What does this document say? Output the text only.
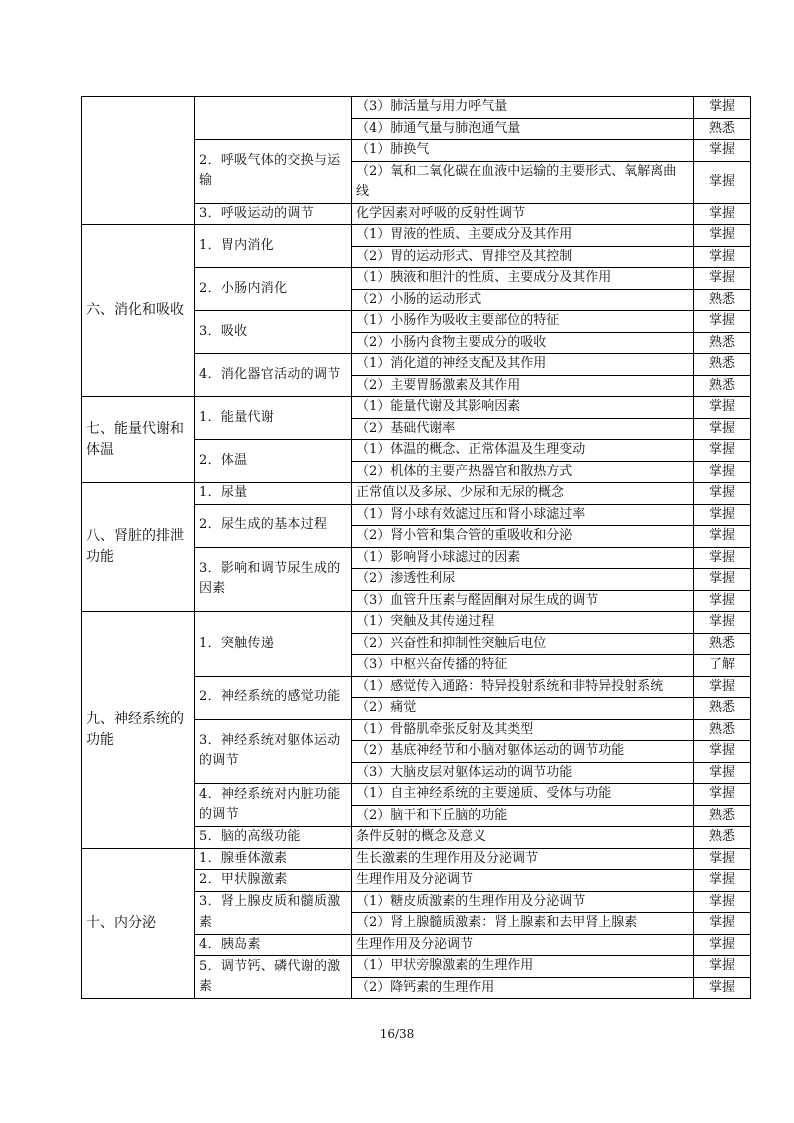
		（3）肺活量与用力呼气量	掌握
		（4）肺通气量与肺泡通气量	熟悉
	2．呼吸气体的交换与运输	（1）肺换气	掌握
		（2）氧和二氧化碳在血液中运输的主要形式、氧解离曲线	掌握
	3．呼吸运动的调节	化学因素对呼吸的反射性调节	掌握
六、消化和吸收	1．胃内消化	（1）胃液的性质、主要成分及其作用	掌握
		（2）胃的运动形式、胃排空及其控制	掌握
	2．小肠内消化	（1）胰液和胆汁的性质、主要成分及其作用	掌握
		（2）小肠的运动形式	熟悉
	3．吸收	（1）小肠作为吸收主要部位的特征	掌握
		（2）小肠内食物主要成分的吸收	熟悉
	4．消化器官活动的调节	（1）消化道的神经支配及其作用	熟悉
		（2）主要胃肠激素及其作用	熟悉
七、能量代谢和体温	1．能量代谢	（1）能量代谢及其影响因素	掌握
		（2）基础代谢率	掌握
	2．体温	（1）体温的概念、正常体温及生理变动	掌握
		（2）机体的主要产热器官和散热方式	掌握
八、肾脏的排泄功能	1．尿量	正常值以及多尿、少尿和无尿的概念	掌握
	2．尿生成的基本过程	（1）肾小球有效滤过压和肾小球滤过率	掌握
		（2）肾小管和集合管的重吸收和分泌	掌握
	3．影响和调节尿生成的因素	（1）影响肾小球滤过的因素	掌握
		（2）渗透性利尿	掌握
		（3）血管升压素与醛固酮对尿生成的调节	掌握
九、神经系统的功能	1．突触传递	（1）突触及其传递过程	掌握
		（2）兴奋性和抑制性突触后电位	熟悉
		（3）中枢兴奋传播的特征	了解
	2．神经系统的感觉功能	（1）感觉传入通路：特异投射系统和非特异投射系统	掌握
		（2）痛觉	熟悉
	3．神经系统对躯体运动的调节	（1）骨骼肌牵张反射及其类型	熟悉
		（2）基底神经节和小脑对躯体运动的调节功能	掌握
		（3）大脑皮层对躯体运动的调节功能	掌握
	4．神经系统对内脏功能的调节	（1）自主神经系统的主要递质、受体与功能	掌握
		（2）脑干和下丘脑的功能	熟悉
	5．脑的高级功能	条件反射的概念及意义	熟悉
十、内分泌	1．腺垂体激素	生长激素的生理作用及分泌调节	掌握
	2．甲状腺激素	生理作用及分泌调节	掌握
	3．肾上腺皮质和髓质激素	（1）糖皮质激素的生理作用及分泌调节	掌握
		（2）肾上腺髓质激素：肾上腺素和去甲肾上腺素	掌握
	4．胰岛素	生理作用及分泌调节	掌握
	5．调节钙、磷代谢的激素	（1）甲状旁腺激素的生理作用	掌握
		（2）降钙素的生理作用	掌握
16/38
